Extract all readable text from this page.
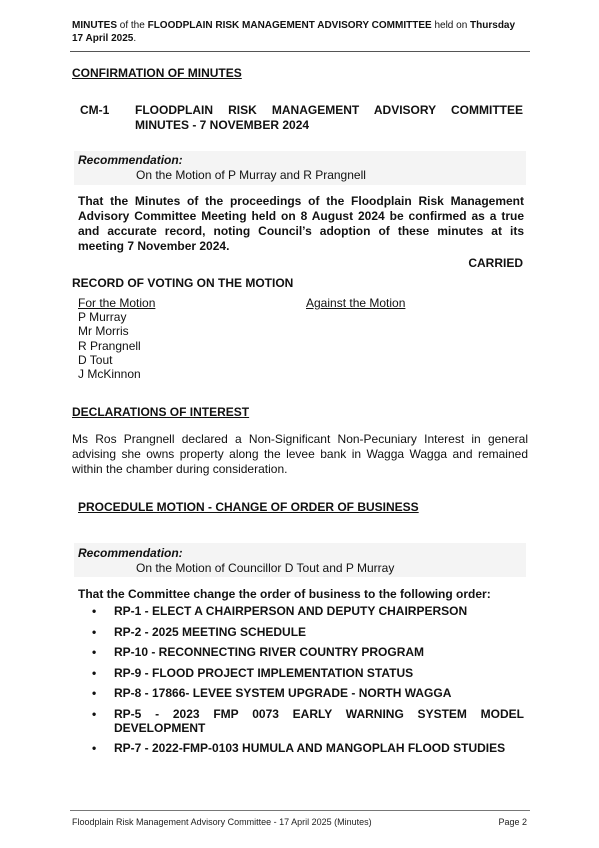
MINUTES of the FLOODPLAIN RISK MANAGEMENT ADVISORY COMMITTEE held on Thursday
17 April 2025.
CONFIRMATION OF MINUTES
CM-1 FLOODPLAIN RISK MANAGEMENT ADVISORY COMMITTEE MINUTES - 7 NOVEMBER 2024
Recommendation:
On the Motion of P Murray and R Prangnell
That the Minutes of the proceedings of the Floodplain Risk Management Advisory Committee Meeting held on 8 August 2024 be confirmed as a true and accurate record, noting Council’s adoption of these minutes at its meeting 7 November 2024.
CARRIED
RECORD OF VOTING ON THE MOTION
For the Motion
P Murray
Mr Morris
R Prangnell
D Tout
J McKinnon
Against the Motion
DECLARATIONS OF INTEREST
Ms Ros Prangnell declared a Non-Significant Non-Pecuniary Interest in general advising she owns property along the levee bank in Wagga Wagga and remained within the chamber during consideration.
PROCEDULE MOTION - CHANGE OF ORDER OF BUSINESS
Recommendation:
On the Motion of Councillor D Tout and P Murray
That the Committee change the order of business to the following order:
• RP-1 - ELECT A CHAIRPERSON AND DEPUTY CHAIRPERSON
• RP-2 - 2025 MEETING SCHEDULE
• RP-10 - RECONNECTING RIVER COUNTRY PROGRAM
• RP-9 - FLOOD PROJECT IMPLEMENTATION STATUS
• RP-8 - 17866- LEVEE SYSTEM UPGRADE - NORTH WAGGA
• RP-5 - 2023 FMP 0073 EARLY WARNING SYSTEM MODEL DEVELOPMENT
• RP-7 - 2022-FMP-0103 HUMULA AND MANGOPLAH FLOOD STUDIES
Floodplain Risk Management Advisory Committee - 17 April 2025 (Minutes)	Page 2
